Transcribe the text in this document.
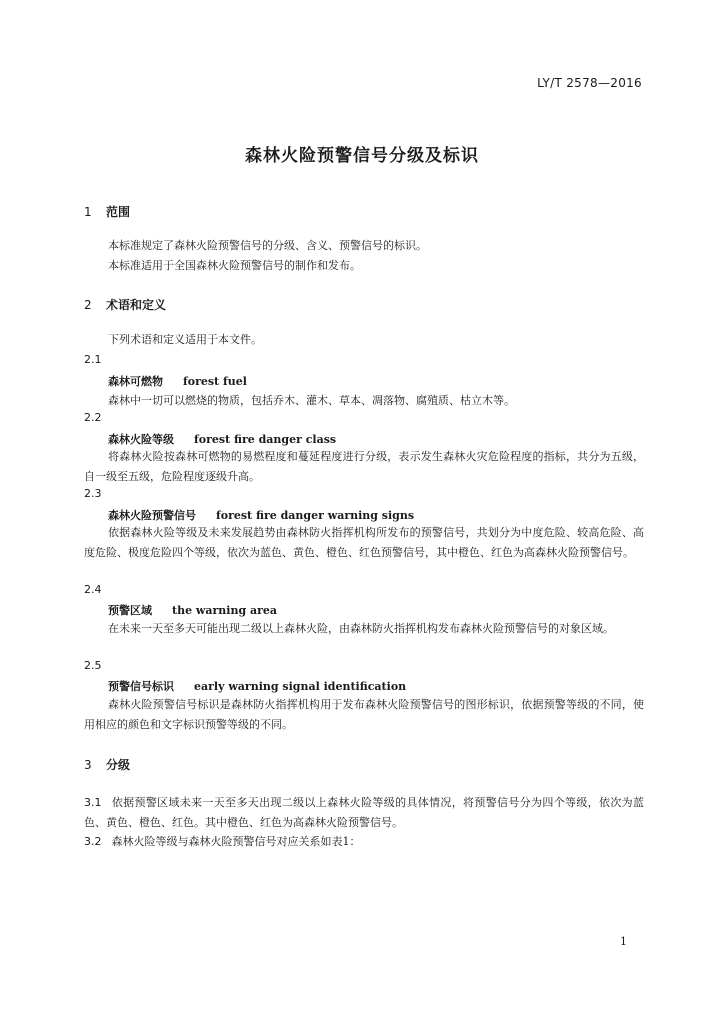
LY/T 2578—2016
森林火险预警信号分级及标识
1 范围
本标准规定了森林火险预警信号的分级、含义、预警信号的标识。
本标准适用于全国森林火险预警信号的制作和发布。
2 术语和定义
下列术语和定义适用于本文件。
2.1
森林可燃物 forest fuel
森林中一切可以燃烧的物质，包括乔木、灌木、草本、凋落物、腐殖质、枯立木等。
2.2
森林火险等级 forest fire danger class
将森林火险按森林可燃物的易燃程度和蔓延程度进行分级，表示发生森林火灾危险程度的指标，共分为五级，自一级至五级，危险程度逐级升高。
2.3
森林火险预警信号 forest fire danger warning signs
依据森林火险等级及未来发展趋势由森林防火指挥机构所发布的预警信号，共划分为中度危险、较高危险、高度危险、极度危险四个等级，依次为蓝色、黄色、橙色、红色预警信号，其中橙色、红色为高森林火险预警信号。
2.4
预警区域 the warning area
在未来一天至多天可能出现二级以上森林火险，由森林防火指挥机构发布森林火险预警信号的对象区域。
2.5
预警信号标识 early warning signal identification
森林火险预警信号标识是森林防火指挥机构用于发布森林火险预警信号的图形标识，依据预警等级的不同，使用相应的颜色和文字标识预警等级的不同。
3 分级
3.1 依据预警区域未来一天至多天出现二级以上森林火险等级的具体情况，将预警信号分为四个等级，依次为蓝色、黄色、橙色、红色。其中橙色、红色为高森林火险预警信号。
3.2 森林火险等级与森林火险预警信号对应关系如表1：
1
